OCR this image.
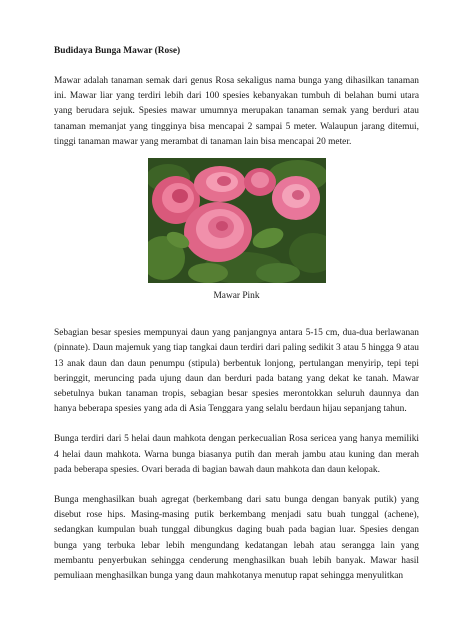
Budidaya Bunga Mawar (Rose)

Mawar adalah tanaman semak dari genus Rosa sekaligus nama bunga yang dihasilkan tanaman ini. Mawar liar yang terdiri lebih dari 100 spesies kebanyakan tumbuh di belahan bumi utara yang berudara sejuk. Spesies mawar umumnya merupakan tanaman semak yang berduri atau tanaman memanjat yang tingginya bisa mencapai 2 sampai 5 meter. Walaupun jarang ditemui, tinggi tanaman mawar yang merambat di tanaman lain bisa mencapai 20 meter.

Mawar Pink

Sebagian besar spesies mempunyai daun yang panjangnya antara 5-15 cm, dua-dua berlawanan (pinnate). Daun majemuk yang tiap tangkai daun terdiri dari paling sedikit 3 atau 5 hingga 9 atau 13 anak daun dan daun penumpu (stipula) berbentuk lonjong, pertulangan menyirip, tepi tepi beringgit, meruncing pada ujung daun dan berduri pada batang yang dekat ke tanah. Mawar sebetulnya bukan tanaman tropis, sebagian besar spesies merontokkan seluruh daunnya dan hanya beberapa spesies yang ada di Asia Tenggara yang selalu berdaun hijau sepanjang tahun.

Bunga terdiri dari 5 helai daun mahkota dengan perkecualian Rosa sericea yang hanya memiliki 4 helai daun mahkota. Warna bunga biasanya putih dan merah jambu atau kuning dan merah pada beberapa spesies. Ovari berada di bagian bawah daun mahkota dan daun kelopak.

Bunga menghasilkan buah agregat (berkembang dari satu bunga dengan banyak putik) yang disebut rose hips. Masing-masing putik berkembang menjadi satu buah tunggal (achene), sedangkan kumpulan buah tunggal dibungkus daging buah pada bagian luar. Spesies dengan bunga yang terbuka lebar lebih mengundang kedatangan lebah atau serangga lain yang membantu penyerbukan sehingga cenderung menghasilkan buah lebih banyak. Mawar hasil pemuliaan menghasilkan bunga yang daun mahkotanya menutup rapat sehingga menyulitkan
